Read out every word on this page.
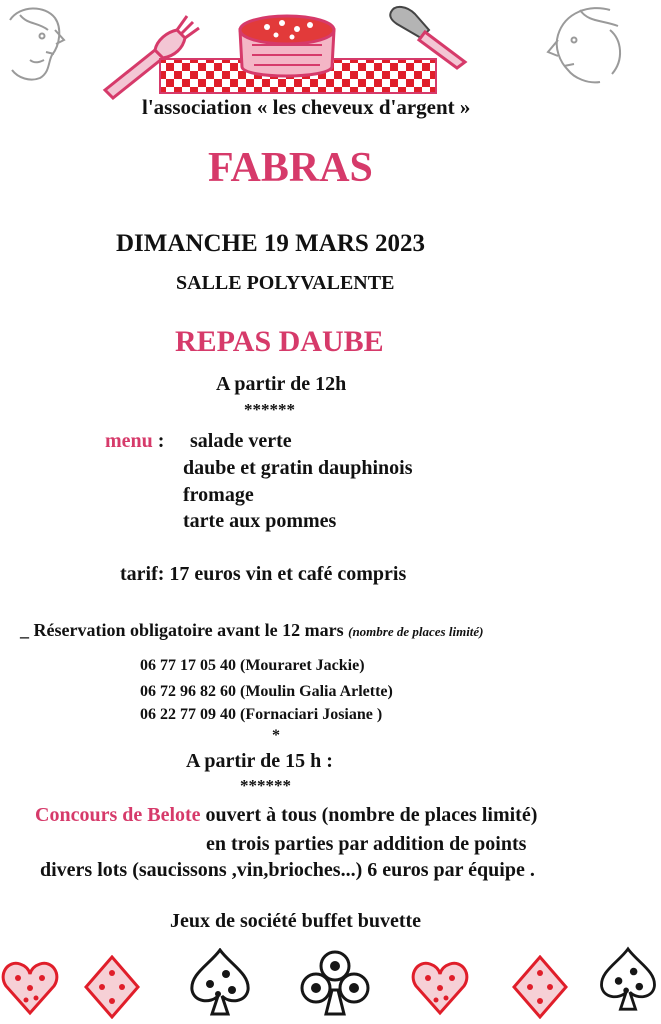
l'association « les cheveux d'argent »
FABRAS
DIMANCHE 19 MARS 2023
SALLE POLYVALENTE
REPAS DAUBE
A partir de 12h
******
menu : salade verte
daube et gratin dauphinois
fromage
tarte aux pommes
tarif: 17 euros vin et café compris
_ Réservation obligatoire avant le 12 mars (nombre de places limité)
06 77 17 05 40 (Mouraret Jackie)
06 72 96 82 60 (Moulin Galia Arlette)
06 22 77 09 40 (Fornaciari Josiane )
*
A partir de 15 h :
******
Concours de Belote ouvert à tous (nombre de places limité)
en trois parties par addition de points
divers lots (saucissons ,vin,brioches...) 6 euros par équipe .
Jeux de société buffet buvette
